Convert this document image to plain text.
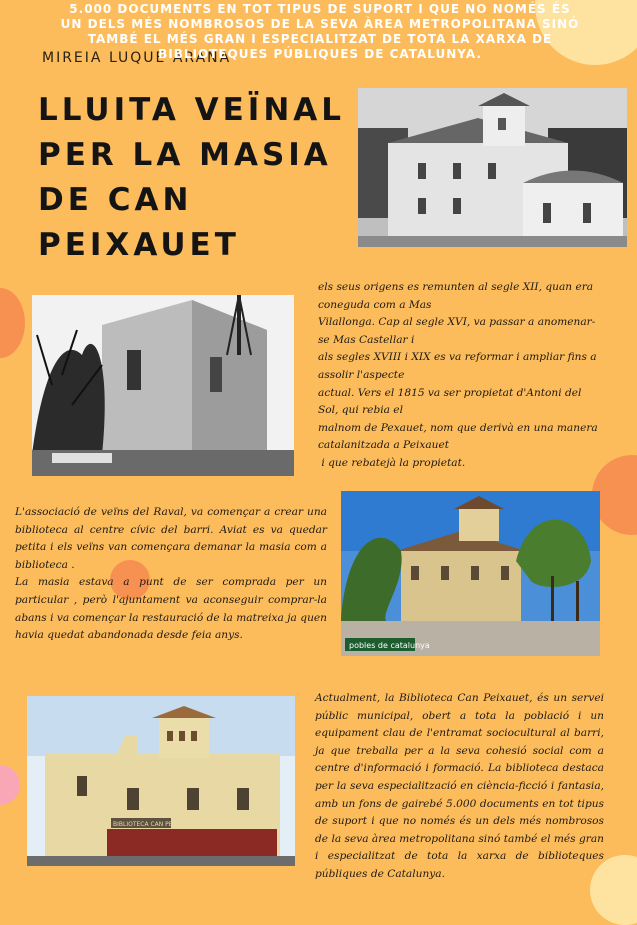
MIREIA LUQUE ARANA
5.000 DOCUMENTS EN TOT TIPUS DE SUPORT I QUE NO NOMÉS ÉS UN DELS MÉS NOMBROSOS DE LA SEVA ÀREA METROPOLITANA SINÓ TAMBÉ EL MÉS GRAN I ESPECIALITZAT DE TOTA LA XARXA DE BIBLIOTEQUES PÚBLIQUES DE CATALUNYA.
LLUITA VEÏNAL PER LA MASIA DE CAN PEIXAUET
els seus origens es remunten al segle XII, quan era
coneguda com a Mas
Vilallonga. Cap al segle XVI, va passar a anomenar-
se Mas Castellar i
als segles XVIII i XIX es va reformar i ampliar fins a
assolir l'aspecte
actual. Vers el 1815 va ser propietat d'Antoni del
Sol, qui rebia el
malnom de Pexauet, nom que derivà en una manera
catalanitzada a Peixauet
i que rebatejà la propietat.
L'associació de veïns del Raval, va començar a crear una biblioteca al centre cívic del barri. Aviat es va quedar petita i els veïns van començara demanar la masia com a biblioteca .
La masia estava a punt de ser comprada per un particular , però l'ajuntament va aconseguir comprar-la abans i va començar la restauració de la matreixa ja quen havia quedat abandonada desde feia anys.
pobles de catalunya
BIBLIOTECA CAN PEIXAUET
Actualment, la Biblioteca Can Peixauet, és un servei públic municipal, obert a tota la població i un equipament clau de l'entramat sociocultural al barri, ja que treballa per a la seva cohesió social com a centre d'informació i formació. La biblioteca destaca per la seva especialització en ciència-ficció i fantasia, amb un fons de gairebé 5.000 documents en tot tipus de suport i que no només és un dels més nombrosos de la seva àrea metropolitana sinó també el més gran i especialitzat de tota la xarxa de biblioteques públiques de Catalunya.
